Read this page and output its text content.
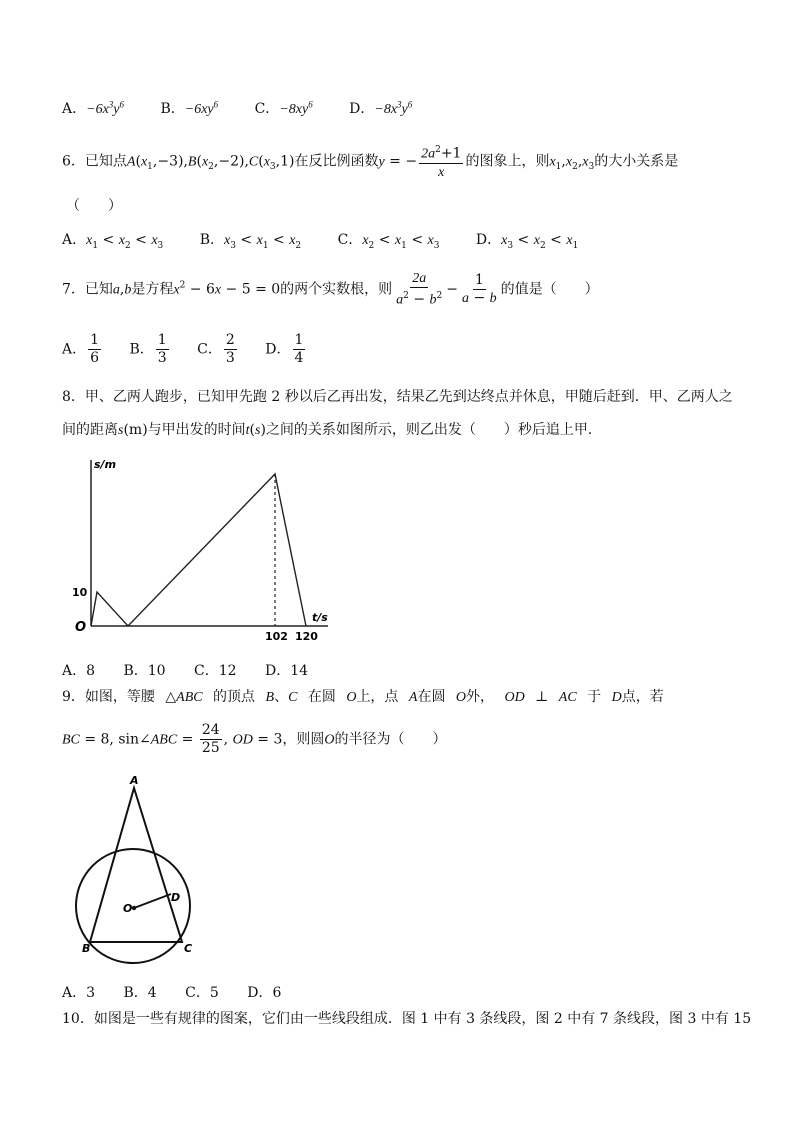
A．$-6x^3y^6$	B．$-6xy^6$	C．$-8xy^6$	D．$-8x^3y^6$
6．已知点$A(x_1,-3),B(x_2,-2),C(x_3,1)$在反比例函数y = − $\frac{2a^2+1}{x}$ 的图象上，则$x_1,x_2,x_3$的大小关系是
（　　）
A．$x_1 < x_2 < x_3$	B．$x_3 < x_1 < x_2$	C．$x_2 < x_1 < x_3$	D．$x_3 < x_2 < x_1$
7．已知a,b是方程$x^2 - 6x - 5 = 0$的两个实数根，则 $\frac{2a}{a^2 - b^2} - \frac{1}{a - b}$ 的值是（　　）
A． $\frac{1}{6}$ B． $\frac{1}{3}$ C． $\frac{2}{3}$ D． $\frac{1}{4}$
8．甲、乙两人跑步，已知甲先跑 2 秒以后乙再出发，结果乙先到达终点并休息，甲随后赶到．甲、乙两人之
间的距离s(m)与甲出发的时间t(s)之间的关系如图所示，则乙出发（　　）秒后追上甲．
s/m
t/s
O
10
102 120
A．8 B．10 C．12 D．14
9．如图，等腰 △ABC 的顶点 B、C 在圆 O上，点 A在圆 O外， OD ⊥ AC 于 D点，若
BC = 8, sin∠ABC = $\frac{24}{25}$ , OD = 3，则圆O的半径为（　　）
A
B	C
D
O
A．3 B．4 C．5 D．6
10．如图是一些有规律的图案，它们由一些线段组成．图 1 中有 3 条线段，图 2 中有 7 条线段，图 3 中有 15
